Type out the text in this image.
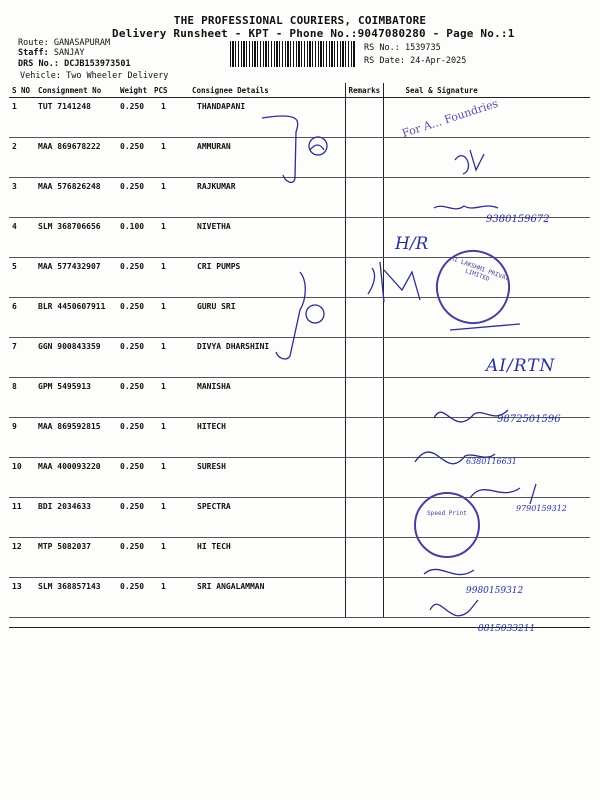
THE PROFESSIONAL COURIERS, COIMBATORE
Delivery Runsheet - KPT - Phone No.:9047080280 - Page No.:1
Route: GANASAPURAM
Staff: SANJAY
DRS No.: DCJB153973501
Vehicle: Two Wheeler Delivery
RS No.: 1539735
RS Date: 24-Apr-2025
S NO	Consignment No	Weight	PCS	Consignee Details	Remarks	Seal & Signature
1	TUT 7141248	0.250	1	THANDAPANI		
2	MAA 869678222	0.250	1	AMMURAN		
3	MAA 576826248	0.250	1	RAJKUMAR		
4	SLM 368706656	0.100	1	NIVETHA		
5	MAA 577432907	0.250	1	CRI PUMPS		
6	BLR 4450607911	0.250	1	GURU SRI		
7	GGN 900843359	0.250	1	DIVYA DHARSHINI		
8	GPM 5495913	0.250	1	MANISHA		
9	MAA 869592815	0.250	1	HITECH		
10	MAA 400093220	0.250	1	SURESH		
11	BDI 2034633	0.250	1	SPECTRA		
12	MTP 5082037	0.250	1	HI TECH		
13	SLM 368857143	0.250	1	SRI ANGALAMMAN		
H/R
9380159672
AI/RTN
9872501596
6380116631
9790159312
9980159312
8815033211
For A... Foundries
SRI LAKSHMI PRIVATE LIMITED
Speed Print
